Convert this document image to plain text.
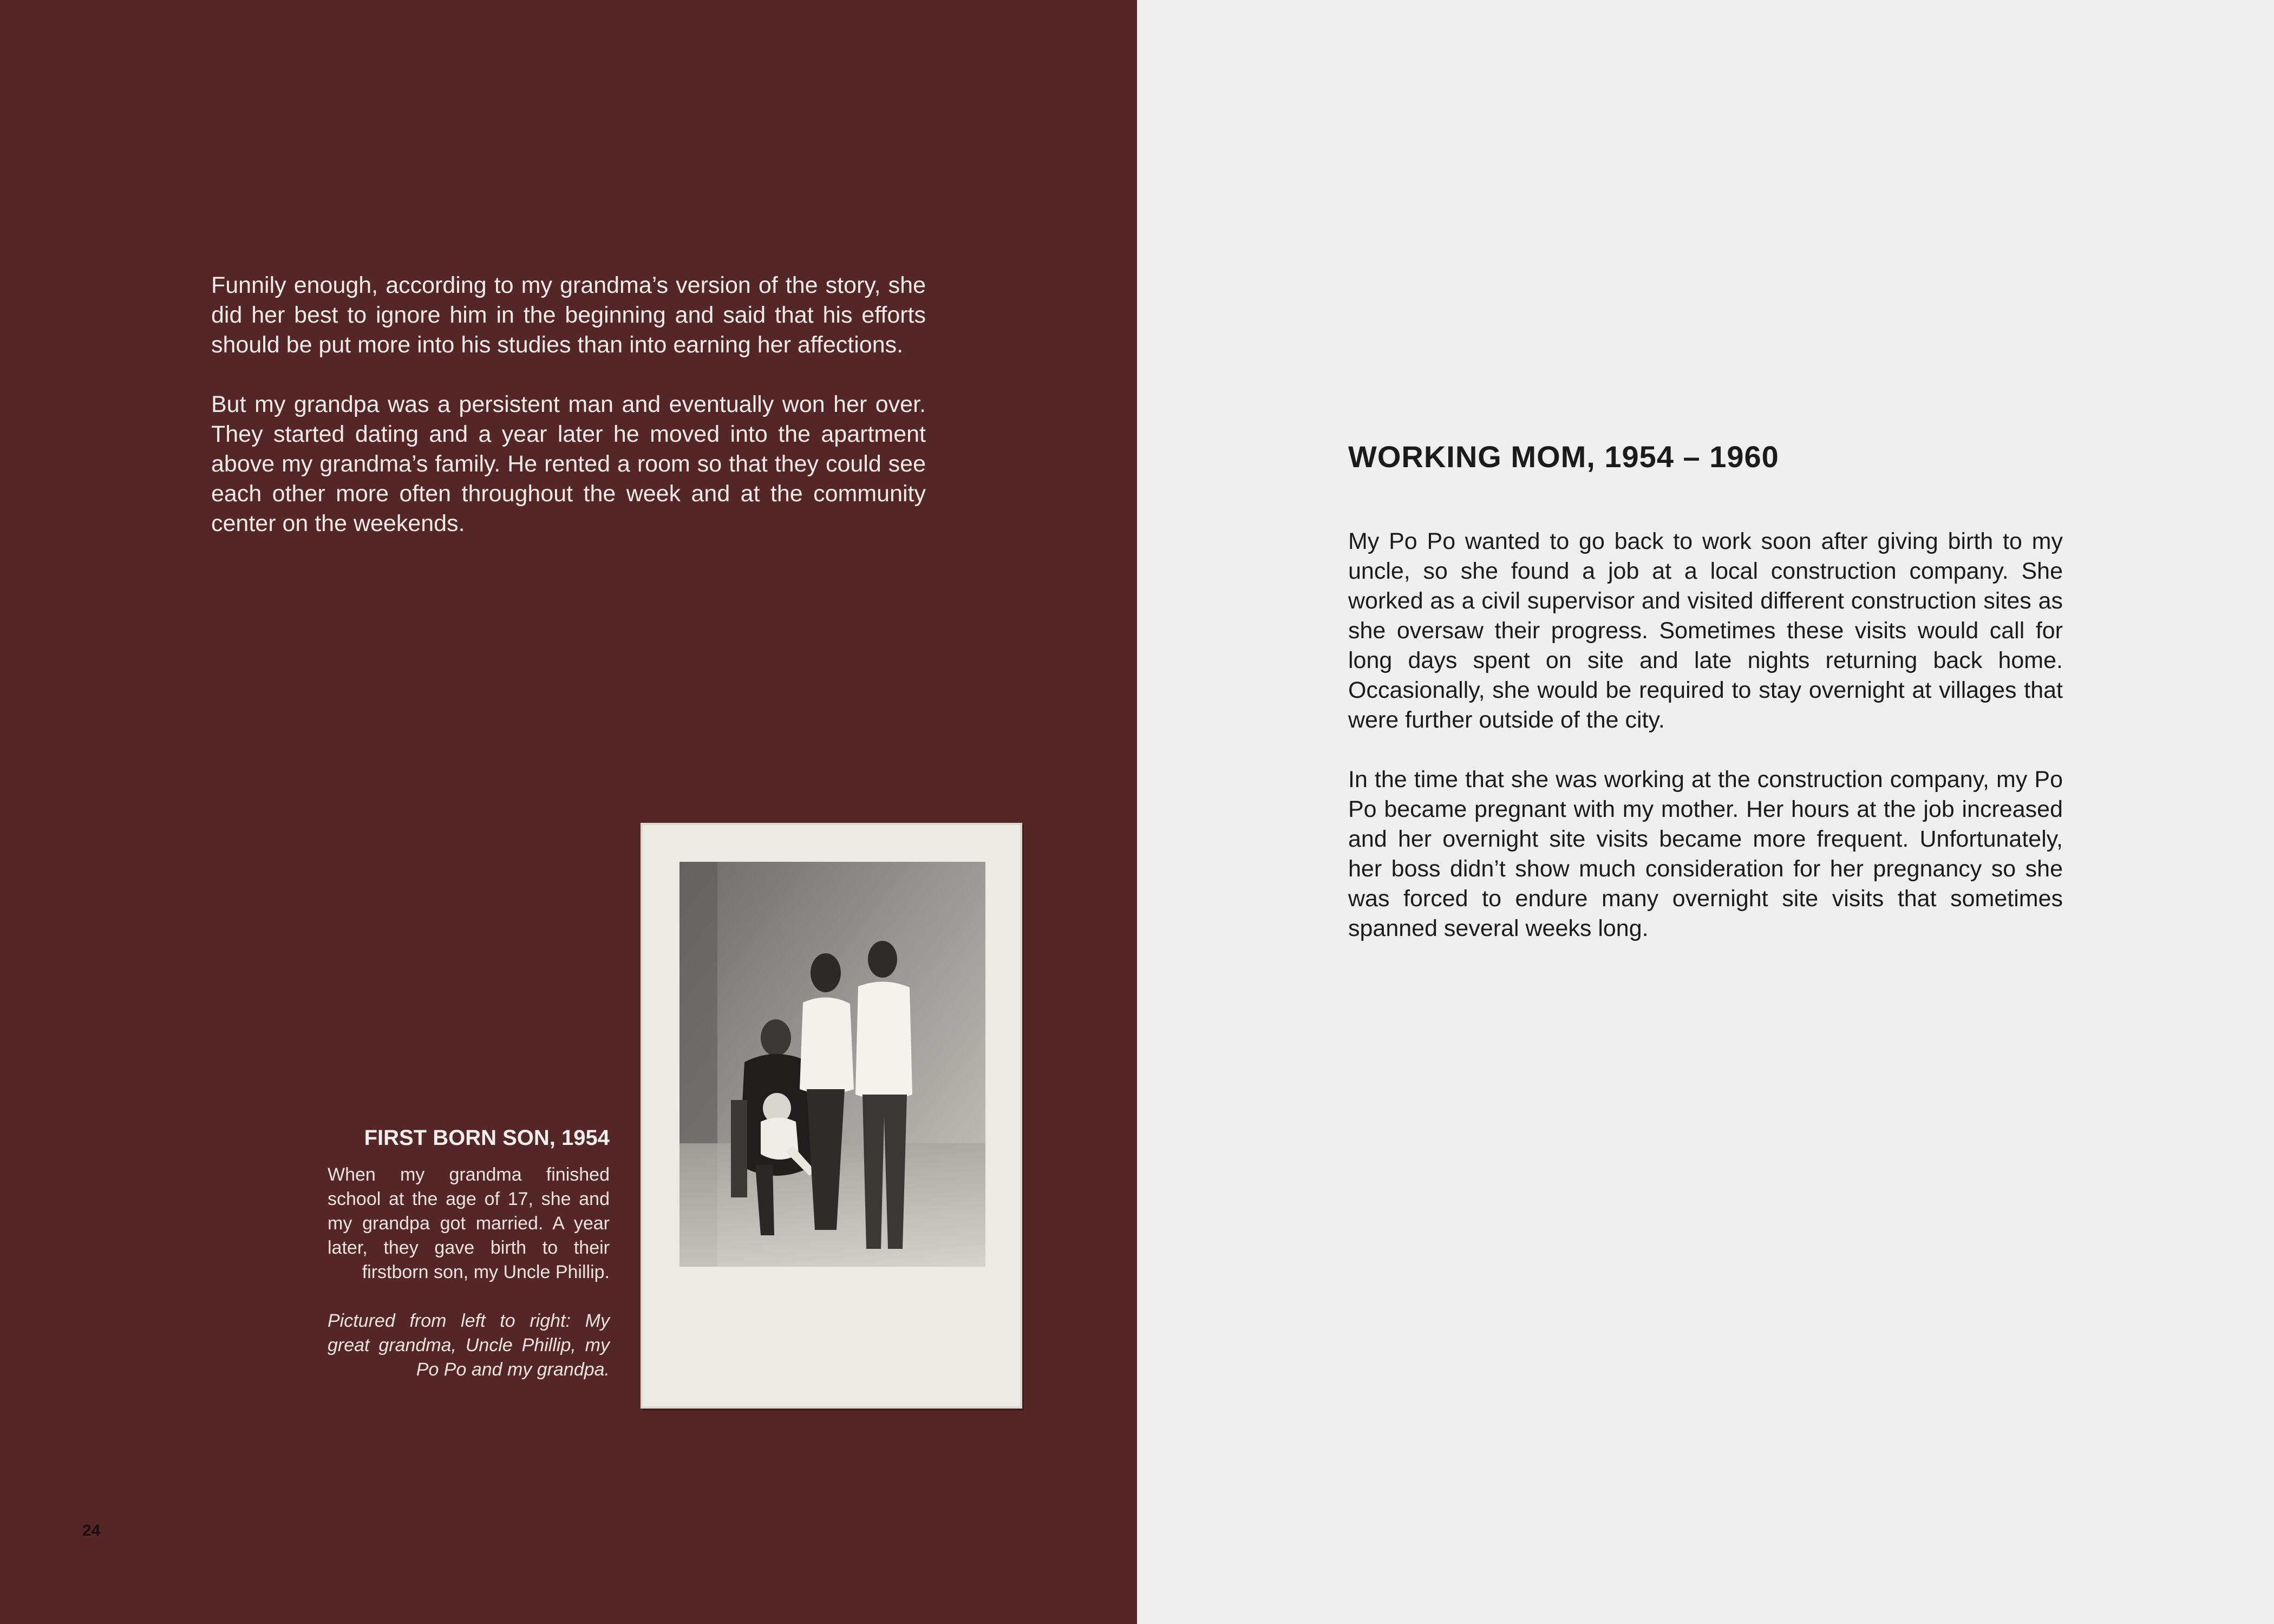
Funnily enough, according to my grandma’s version of the story, she did her best to ignore him in the beginning and said that his efforts should be put more into his studies than into earning her affections.

But my grandpa was a persistent man and eventually won her over. They started dating and a year later he moved into the apartment above my grandma’s family. He rented a room so that they could see each other more often throughout the week and at the community center on the weekends.

FIRST BORN SON, 1954

When my grandma finished school at the age of 17, she and my grandpa got married. A year later, they gave birth to their firstborn son, my Uncle Phillip.

Pictured from left to right: My great grandma, Uncle Phillip, my Po Po and my grandpa.

24
WORKING MOM, 1954 – 1960

My Po Po wanted to go back to work soon after giving birth to my uncle, so she found a job at a local construction company. She worked as a civil supervisor and visited different construction sites as she oversaw their progress. Sometimes these visits would call for long days spent on site and late nights returning back home. Occasionally, she would be required to stay overnight at villages that were further outside of the city.

In the time that she was working at the construction company, my Po Po became pregnant with my mother. Her hours at the job increased and her overnight site visits became more frequent. Unfortunately, her boss didn’t show much consideration for her pregnancy so she was forced to endure many overnight site visits that sometimes spanned several weeks long.
